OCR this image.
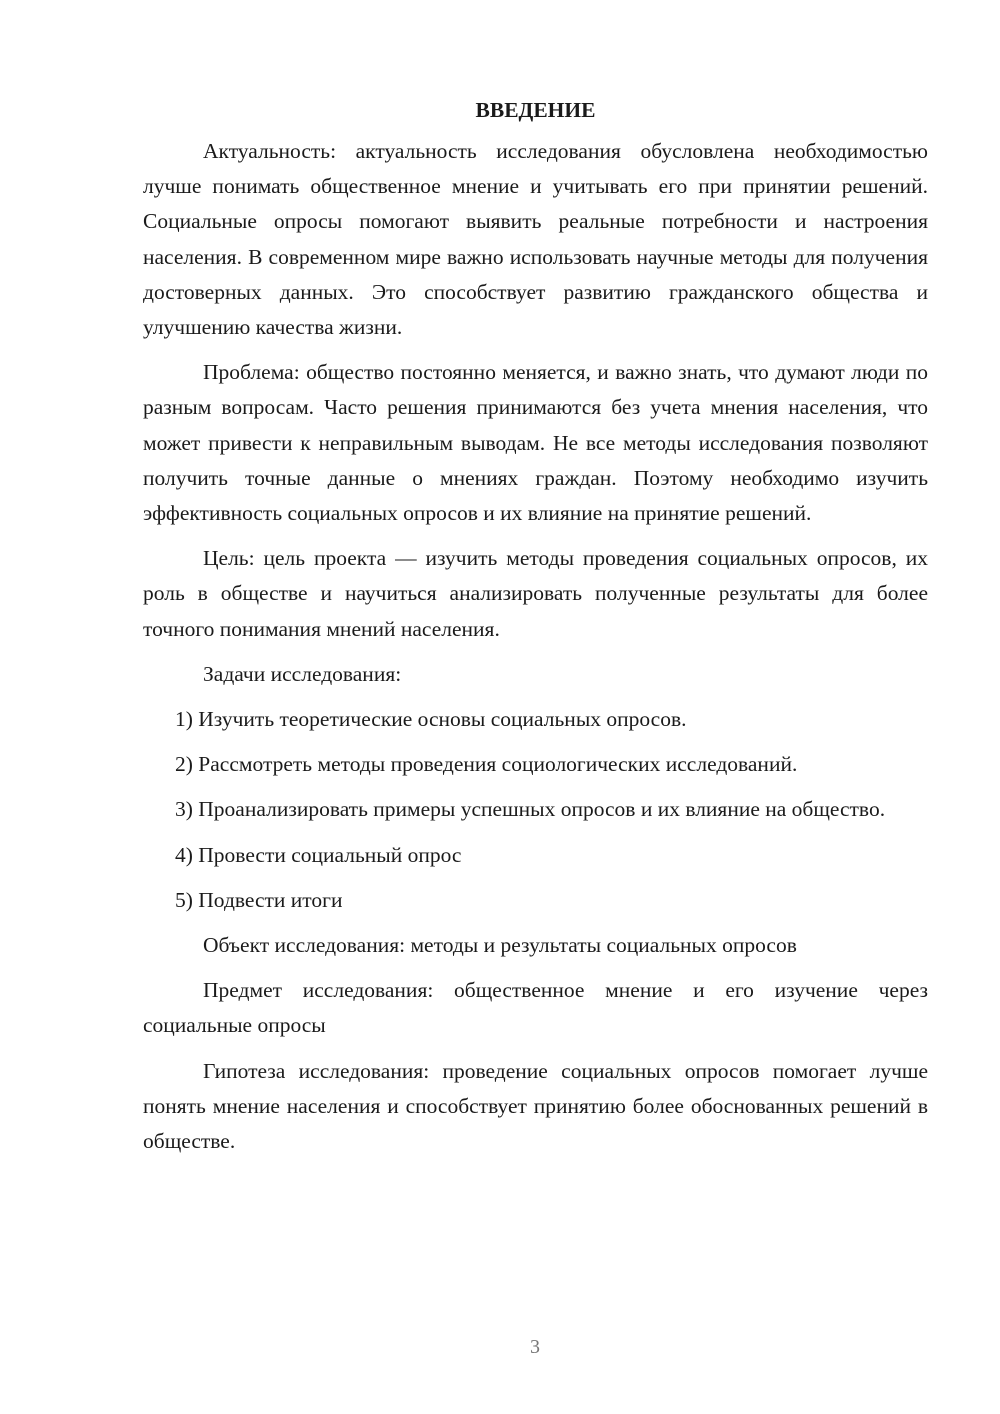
ВВЕДЕНИЕ

Актуальность: актуальность исследования обусловлена необходимостью лучше понимать общественное мнение и учитывать его при принятии решений. Социальные опросы помогают выявить реальные потребности и настроения населения. В современном мире важно использовать научные методы для получения достоверных данных. Это способствует развитию гражданского общества и улучшению качества жизни.

Проблема: общество постоянно меняется, и важно знать, что думают люди по разным вопросам. Часто решения принимаются без учета мнения населения, что может привести к неправильным выводам. Не все методы исследования позволяют получить точные данные о мнениях граждан. Поэтому необходимо изучить эффективность социальных опросов и их влияние на принятие решений.

Цель: цель проекта — изучить методы проведения социальных опросов, их роль в обществе и научиться анализировать полученные результаты для более точного понимания мнений населения.

Задачи исследования:

1) Изучить теоретические основы социальных опросов.

2) Рассмотреть методы проведения социологических исследований.

3) Проанализировать примеры успешных опросов и их влияние на общество.

4) Провести социальный опрос

5) Подвести итоги

Объект исследования: методы и результаты социальных опросов

Предмет исследования: общественное мнение и его изучение через социальные опросы

Гипотеза исследования: проведение социальных опросов помогает лучше понять мнение населения и способствует принятию более обоснованных решений в обществе.

3
